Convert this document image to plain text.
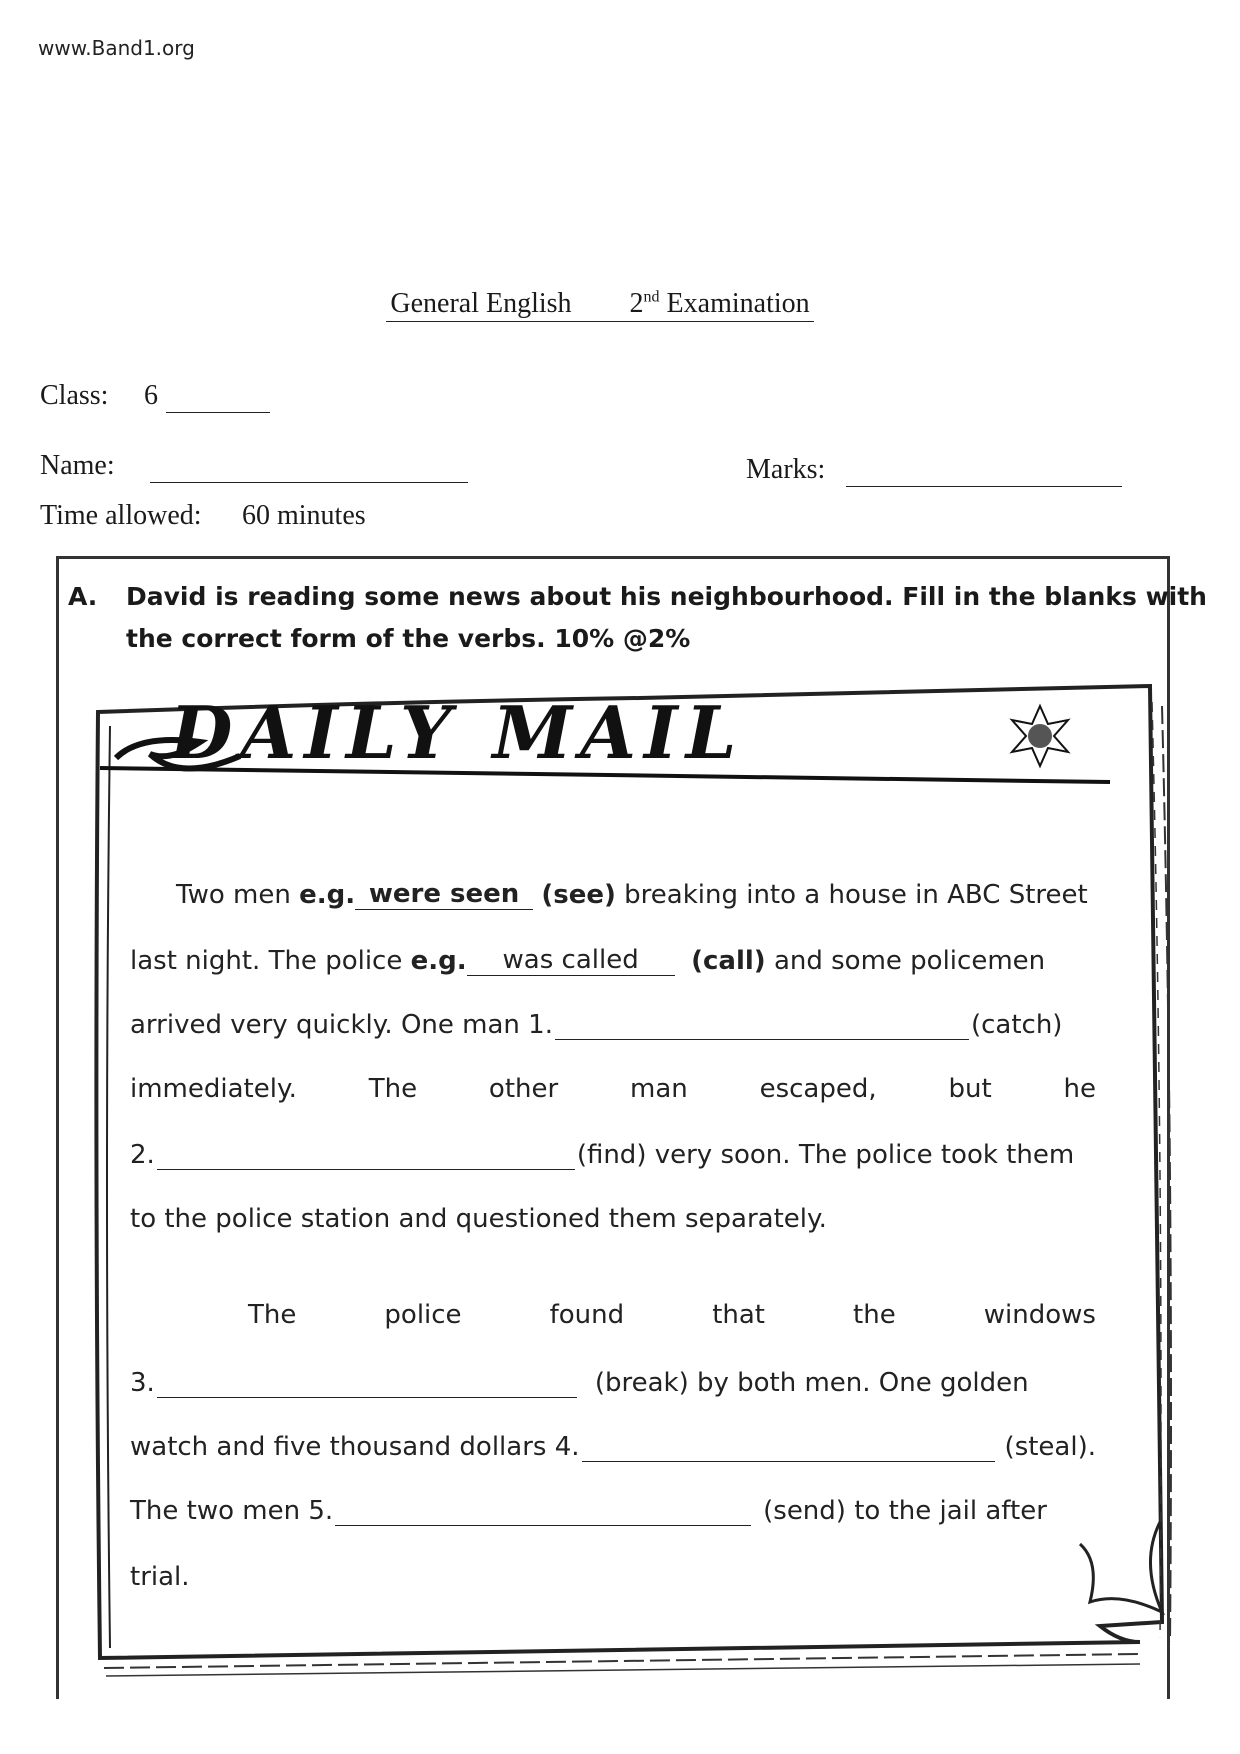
www.Band1.org
General English 2nd Examination
Class: 6
Name:	Marks:
Time allowed: 60 minutes
A. David is reading some news about his neighbourhood. Fill in the blanks with
the correct form of the verbs. 10% @2%
DAILY MAIL
Two men
e.g. were seen
(see)
breaking into a house in ABC Street
last night. The police
e.g.	was called
	(call)
and some policemen
arrived very quickly. One man 1.	(catch)
immediately.	The	other	man	escaped,	but	he
2.	(find) very soon. The police took them
to the police station and questioned them separately.
The	police	found	that	the	windows
3.	(break) by both men. One golden
watch and five thousand dollars 4.	(steal).
The two men 5.	(send) to the jail after
trial.
